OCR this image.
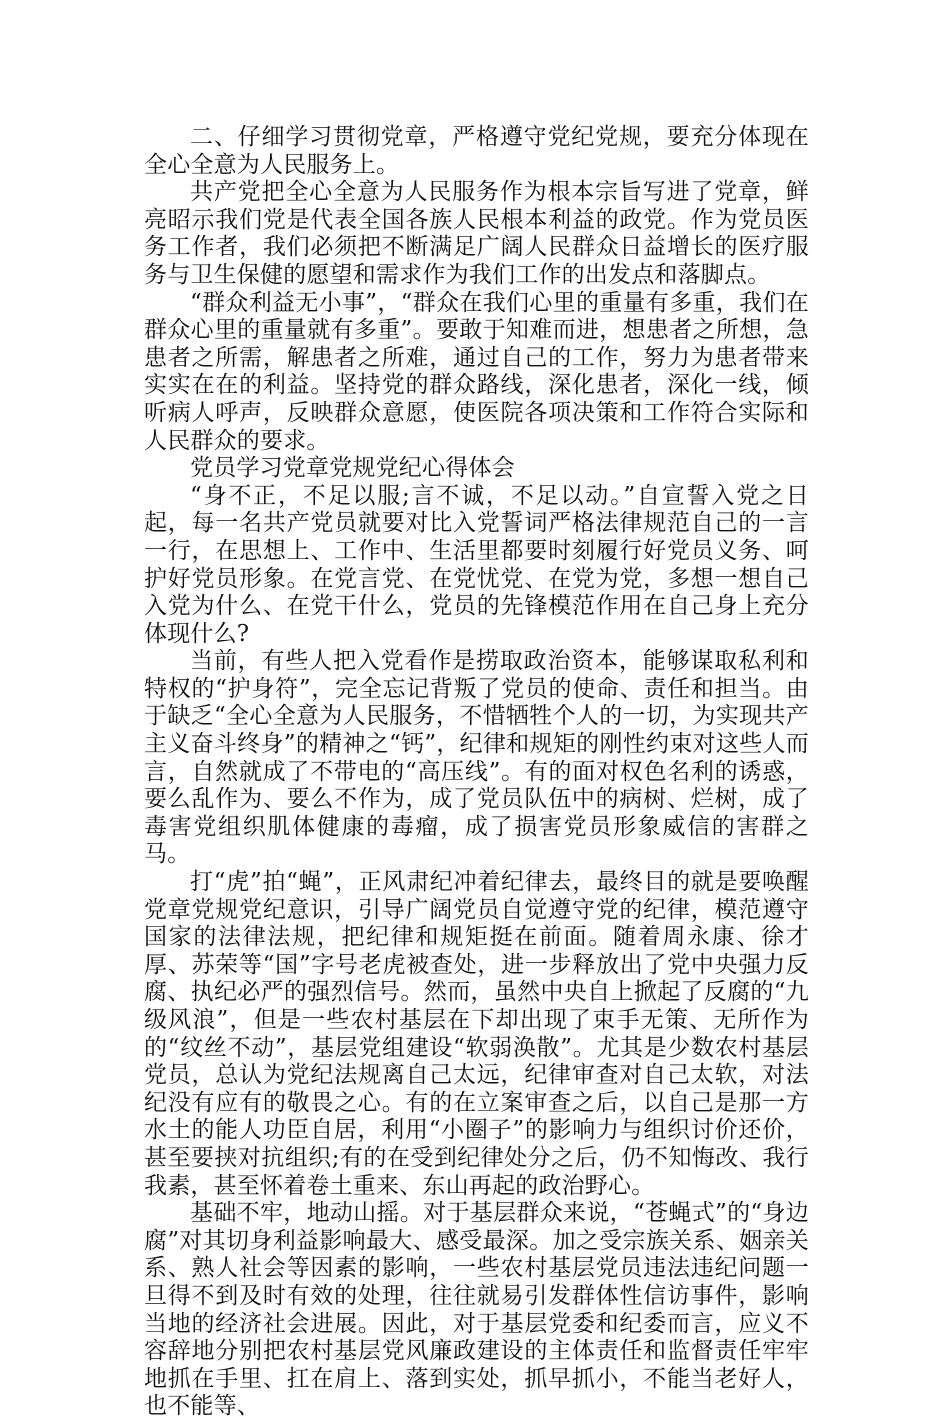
二、仔细学习贯彻党章，严格遵守党纪党规，要充分体现在全心全意为人民服务上。

共产党把全心全意为人民服务作为根本宗旨写进了党章，鲜亮昭示我们党是代表全国各族人民根本利益的政党。作为党员医务工作者，我们必须把不断满足广阔人民群众日益增长的医疗服务与卫生保健的愿望和需求作为我们工作的出发点和落脚点。

“群众利益无小事”，“群众在我们心里的重量有多重，我们在群众心里的重量就有多重”。要敢于知难而进，想患者之所想，急患者之所需，解患者之所难，通过自己的工作，努力为患者带来实实在在的利益。坚持党的群众路线，深化患者，深化一线，倾听病人呼声，反映群众意愿，使医院各项决策和工作符合实际和人民群众的要求。

党员学习党章党规党纪心得体会

“身不正，不足以服;言不诚，不足以动。”自宣誓入党之日起，每一名共产党员就要对比入党誓词严格法律规范自己的一言一行，在思想上、工作中、生活里都要时刻履行好党员义务、呵护好党员形象。在党言党、在党忧党、在党为党，多想一想自己入党为什么、在党干什么，党员的先锋模范作用在自己身上充分体现什么?

当前，有些人把入党看作是捞取政治资本，能够谋取私利和特权的“护身符”，完全忘记背叛了党员的使命、责任和担当。由于缺乏“全心全意为人民服务，不惜牺牲个人的一切，为实现共产主义奋斗终身”的精神之“钙”，纪律和规矩的刚性约束对这些人而言，自然就成了不带电的“高压线”。有的面对权色名利的诱惑，要么乱作为、要么不作为，成了党员队伍中的病树、烂树，成了毒害党组织肌体健康的毒瘤，成了损害党员形象威信的害群之马。

打“虎”拍“蝇”，正风肃纪冲着纪律去，最终目的就是要唤醒党章党规党纪意识，引导广阔党员自觉遵守党的纪律，模范遵守国家的法律法规，把纪律和规矩挺在前面。随着周永康、徐才厚、苏荣等“国”字号老虎被查处，进一步释放出了党中央强力反腐、执纪必严的强烈信号。然而，虽然中央自上掀起了反腐的“九级风浪”，但是一些农村基层在下却出现了束手无策、无所作为的“纹丝不动”，基层党组建设“软弱涣散”。尤其是少数农村基层党员，总认为党纪法规离自己太远，纪律审查对自己太软，对法纪没有应有的敬畏之心。有的在立案审查之后，以自己是那一方水土的能人功臣自居，利用“小圈子”的影响力与组织讨价还价，甚至要挟对抗组织;有的在受到纪律处分之后，仍不知悔改、我行我素，甚至怀着卷土重来、东山再起的政治野心。

基础不牢，地动山摇。对于基层群众来说，“苍蝇式”的“身边腐”对其切身利益影响最大、感受最深。加之受宗族关系、姻亲关系、熟人社会等因素的影响，一些农村基层党员违法违纪问题一旦得不到及时有效的处理，往往就易引发群体性信访事件，影响当地的经济社会进展。因此，对于基层党委和纪委而言，应义不容辞地分别把农村基层党风廉政建设的主体责任和监督责任牢牢地抓在手里、扛在肩上、落到实处，抓早抓小，不能当老好人，也不能等、
